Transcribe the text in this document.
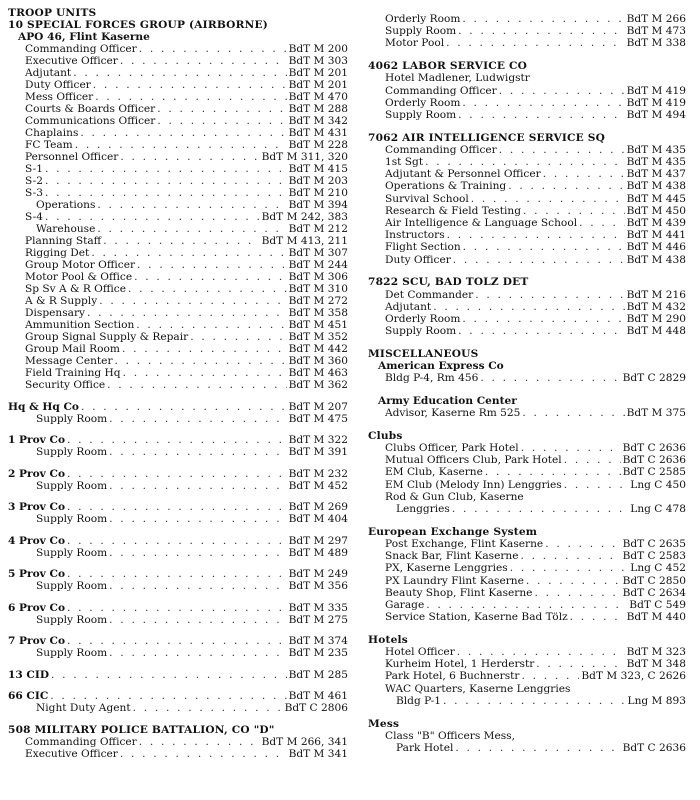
TROOP UNITS
10 SPECIAL FORCES GROUP (AIRBORNE)
APO 46, Flint Kaserne
Commanding Officer . . .	BdT M 200
Executive Officer . . .	BdT M 303
Adjutant . . .	BdT M 201
Duty Officer . . .	BdT M 201
Mess Officer . . .	BdT M 470
Courts & Boards Officer . . .	BdT M 288
Communications Officer . . .	BdT M 342
Chaplains . . .	BdT M 431
FC Team . . .	BdT M 228
Personnel Officer . . .	BdT M 311, 320
S-1 . . .	BdT M 415
S-2 . . .	BdT M 203
S-3 . . .	BdT M 210
Operations . . .	BdT M 394
S-4 . . .	BdT M 242, 383
Warehouse . . .	BdT M 212
Planning Staff . . .	BdT M 413, 211
Rigging Det . . .	BdT M 307
Group Motor Officer . . .	BdT M 244
Motor Pool & Office . . .	BdT M 306
Sp Sv A & R Office . . .	BdT M 310
A & R Supply . . .	BdT M 272
Dispensary . . .	BdT M 358
Ammunition Section . . .	BdT M 451
Group Signal Supply & Repair . . .	BdT M 352
Group Mail Room . . .	BdT M 442
Message Center . . .	BdT M 360
Field Training Hq . . .	BdT M 463
Security Office . . .	BdT M 362
Hq & Hq Co . . .	BdT M 207
Supply Room . . .	BdT M 475
1 Prov Co . . .	BdT M 322
Supply Room . . .	BdT M 391
2 Prov Co . . .	BdT M 232
Supply Room . . .	BdT M 452
3 Prov Co . . .	BdT M 269
Supply Room . . .	BdT M 404
4 Prov Co . . .	BdT M 297
Supply Room . . .	BdT M 489
5 Prov Co . . .	BdT M 249
Supply Room . . .	BdT M 356
6 Prov Co . . .	BdT M 335
Supply Room . . .	BdT M 275
7 Prov Co . . .	BdT M 374
Supply Room . . .	BdT M 235
13 CID . . .	BdT M 285
66 CIC . . .	BdT M 461
Night Duty Agent . . .	BdT C 2806
508 MILITARY POLICE BATTALION, CO "D"
Commanding Officer . . .	BdT M 266, 341
Executive Officer . . .	BdT M 341
Orderly Room . . .	BdT M 266
Supply Room . . .	BdT M 473
Motor Pool . . .	BdT M 338
4062 LABOR SERVICE CO
Hotel Madlener, Ludwigstr
Commanding Officer . . .	BdT M 419
Orderly Room . . .	BdT M 419
Supply Room . . .	BdT M 494
7062 AIR INTELLIGENCE SERVICE SQ
Commanding Officer . . .	BdT M 435
1st Sgt . . .	BdT M 435
Adjutant & Personnel Officer . . .	BdT M 437
Operations & Training . . .	BdT M 438
Survival School . . .	BdT M 445
Research & Field Testing . . .	BdT M 450
Air Intelligence & Language School . . .	BdT M 439
Instructors . . .	BdT M 441
Flight Section . . .	BdT M 446
Duty Officer . . .	BdT M 438
7822 SCU, BAD TOLZ DET
Det Commander . . .	BdT M 216
Adjutant . . .	BdT M 432
Orderly Room . . .	BdT M 290
Supply Room . . .	BdT M 448
MISCELLANEOUS
American Express Co
Bldg P-4, Rm 456 . . .	BdT C 2829
Army Education Center
Advisor, Kaserne Rm 525 . . .	BdT M 375
Clubs
Clubs Officer, Park Hotel . . .	BdT C 2636
Mutual Officers Club, Park Hotel . . .	BdT C 2636
EM Club, Kaserne . . .	BdT C 2585
EM Club (Melody Inn) Lenggries . . .	Lng C 450
Rod & Gun Club, Kaserne
Lenggries . . .	Lng C 478
European Exchange System
Post Exchange, Flint Kaserne . . .	BdT C 2635
Snack Bar, Flint Kaserne . . .	BdT C 2583
PX, Kaserne Lenggries . . .	Lng C 452
PX Laundry Flint Kaserne . . .	BdT C 2850
Beauty Shop, Flint Kaserne . . .	BdT C 2634
Garage . . .	BdT C 549
Service Station, Kaserne Bad Tölz . . .	BdT M 440
Hotels
Hotel Officer . . .	BdT M 323
Kurheim Hotel, 1 Herderstr . . .	BdT M 348
Park Hotel, 6 Buchnerstr . . .	BdT M 323, C 2626
WAC Quarters, Kaserne Lenggries
Bldg P-1 . . .	Lng M 893
Mess
Class "B" Officers Mess,
Park Hotel . . .	BdT C 2636
